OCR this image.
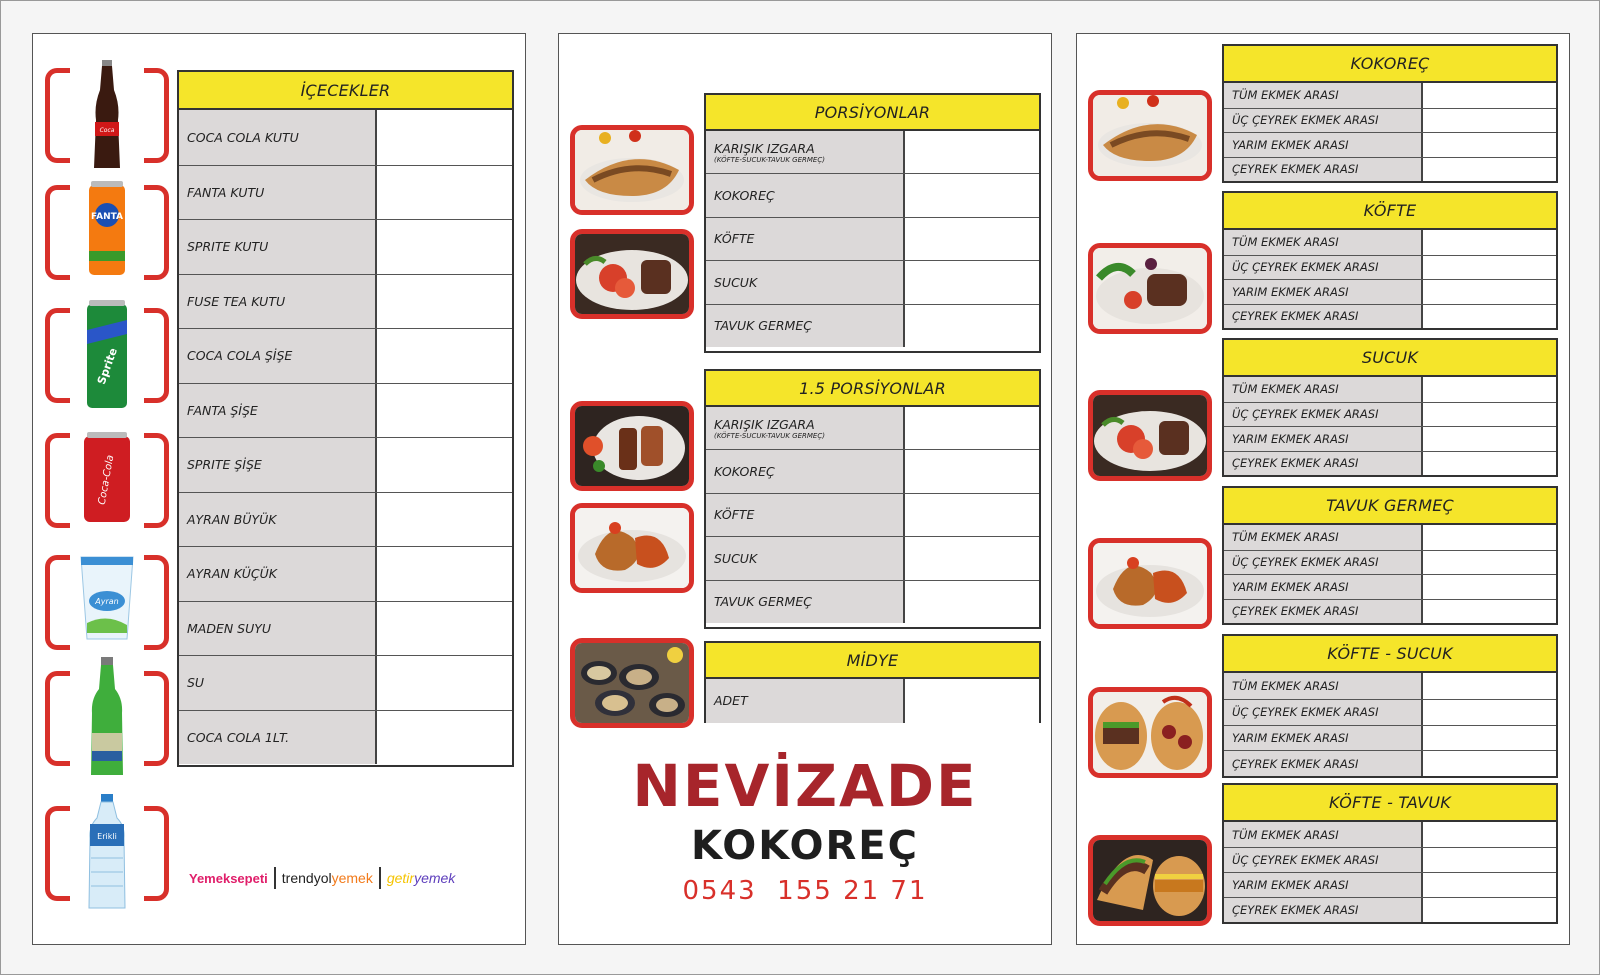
Coca
FANTA
Sprite
Coca-Cola
Ayran
Erikli
İÇECEKLER
COCA COLA KUTU
FANTA KUTU
SPRITE KUTU
FUSE TEA KUTU
COCA COLA ŞİŞE
FANTA ŞİŞE
SPRITE ŞİŞE
AYRAN BÜYÜK
AYRAN KÜÇÜK
MADEN SUYU
SU
COCA COLA 1LT.
Yemeksepeti trendyol yemek getir yemek
PORSİYONLAR
KARIŞIK IZGARA
(KÖFTE-SUCUK-TAVUK GERMEÇ)
KOKOREÇ
KÖFTE
SUCUK
TAVUK GERMEÇ
1.5 PORSİYONLAR
KARIŞIK IZGARA
(KÖFTE-SUCUK-TAVUK GERMEÇ)
KOKOREÇ
KÖFTE
SUCUK
TAVUK GERMEÇ
MİDYE
ADET
NEVİZADE
KOKOREÇ
0543  155 21 71
KOKOREÇ
TÜM EKMEK ARASI
ÜÇ ÇEYREK EKMEK ARASI
YARIM EKMEK ARASI
ÇEYREK EKMEK ARASI
KÖFTE
TÜM EKMEK ARASI
ÜÇ ÇEYREK EKMEK ARASI
YARIM EKMEK ARASI
ÇEYREK EKMEK ARASI
SUCUK
TÜM EKMEK ARASI
ÜÇ ÇEYREK EKMEK ARASI
YARIM EKMEK ARASI
ÇEYREK EKMEK ARASI
TAVUK GERMEÇ
TÜM EKMEK ARASI
ÜÇ ÇEYREK EKMEK ARASI
YARIM EKMEK ARASI
ÇEYREK EKMEK ARASI
KÖFTE - SUCUK
TÜM EKMEK ARASI
ÜÇ ÇEYREK EKMEK ARASI
YARIM EKMEK ARASI
ÇEYREK EKMEK ARASI
KÖFTE - TAVUK
TÜM EKMEK ARASI
ÜÇ ÇEYREK EKMEK ARASI
YARIM EKMEK ARASI
ÇEYREK EKMEK ARASI
